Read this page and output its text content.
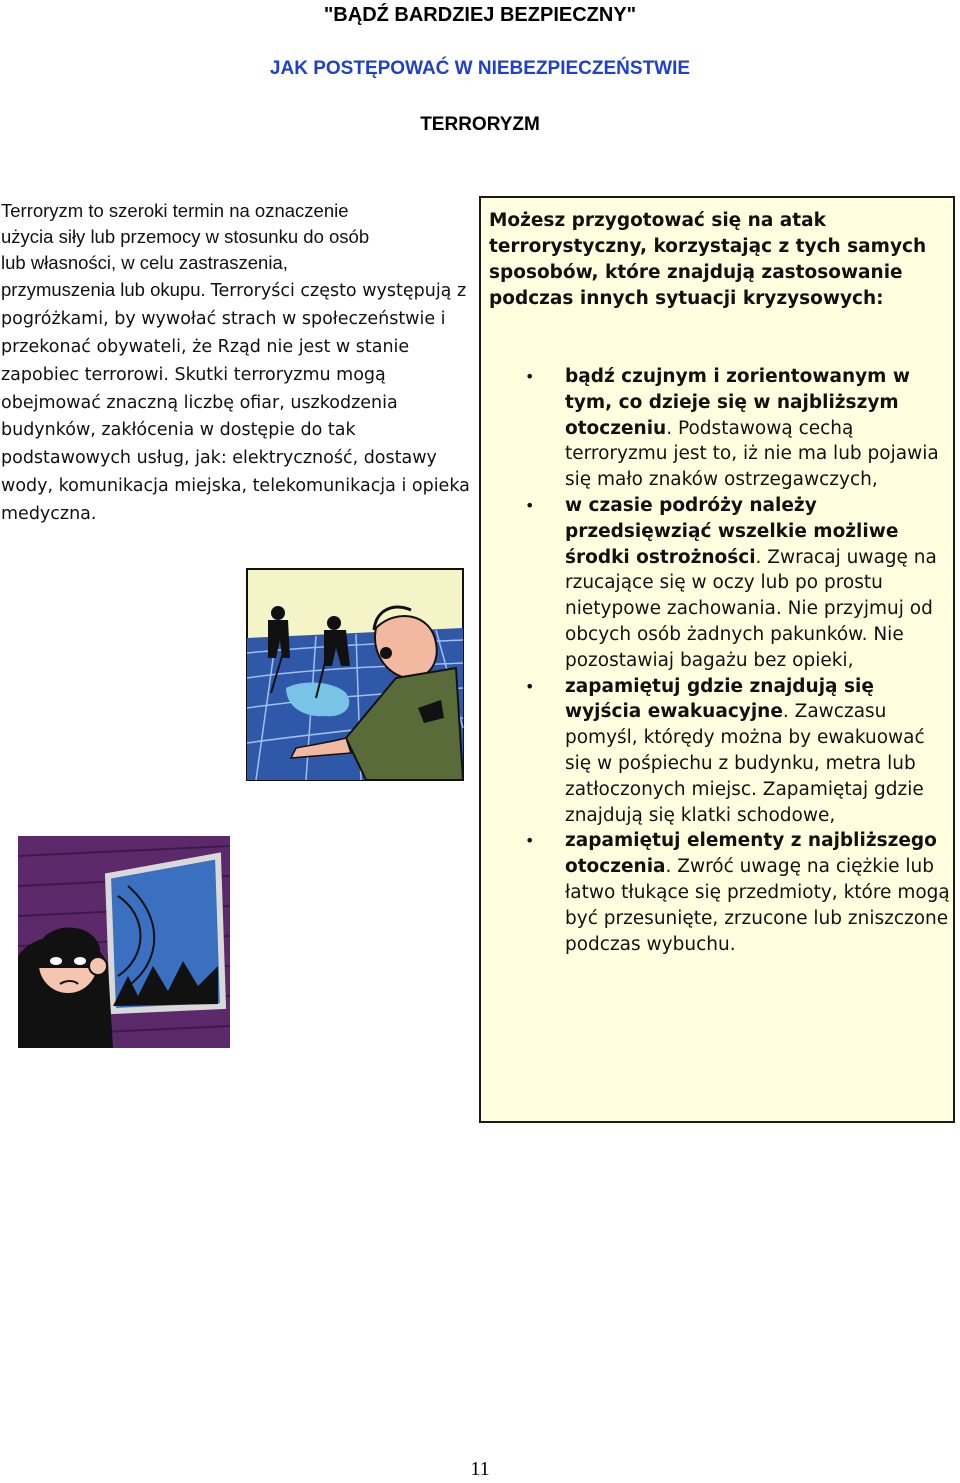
"BĄDŹ BARDZIEJ BEZPIECZNY"
JAK POSTĘPOWAĆ W NIEBEZPIECZEŃSTWIE
TERRORYZM

Terroryzm to szeroki termin na oznaczenie

użycia siły lub przemocy w stosunku do osób

lub własności, w celu zastraszenia,

przymuszenia lub okupu. Terroryści często występują z pogróżkami, by wywołać strach w społeczeństwie i przekonać obywateli, że Rząd nie jest w stanie zapobiec terrorowi. Skutki terroryzmu mogą obejmować znaczną liczbę ofiar, uszkodzenia budynków, zakłócenia w dostępie do tak podstawowych usług, jak: elektryczność, dostawy wody, komunikacja miejska, telekomunikacja i opieka medyczna.

Możesz przygotować się na atak terrorystyczny, korzystając z tych samych sposobów, które znajdują zastosowanie podczas innych sytuacji kryzysowych:
• bądź czujnym i zorientowanym w tym, co dzieje się w najbliższym otoczeniu. Podstawową cechą terroryzmu jest to, iż nie ma lub pojawia się mało znaków ostrzegawczych,
• w czasie podróży należy przedsięwziąć wszelkie możliwe środki ostrożności. Zwracaj uwagę na rzucające się w oczy lub po prostu nietypowe zachowania. Nie przyjmuj od obcych osób żadnych pakunków. Nie pozostawiaj bagażu bez opieki,
• zapamiętuj gdzie znajdują się wyjścia ewakuacyjne. Zawczasu pomyśl, którędy można by ewakuować się w pośpiechu z budynku, metra lub zatłoczonych miejsc. Zapamiętaj gdzie znajdują się klatki schodowe,
• zapamiętuj elementy z najbliższego otoczenia. Zwróć uwagę na ciężkie lub łatwo tłukące się przedmioty, które mogą być przesunięte, zrzucone lub zniszczone podczas wybuchu.
11
